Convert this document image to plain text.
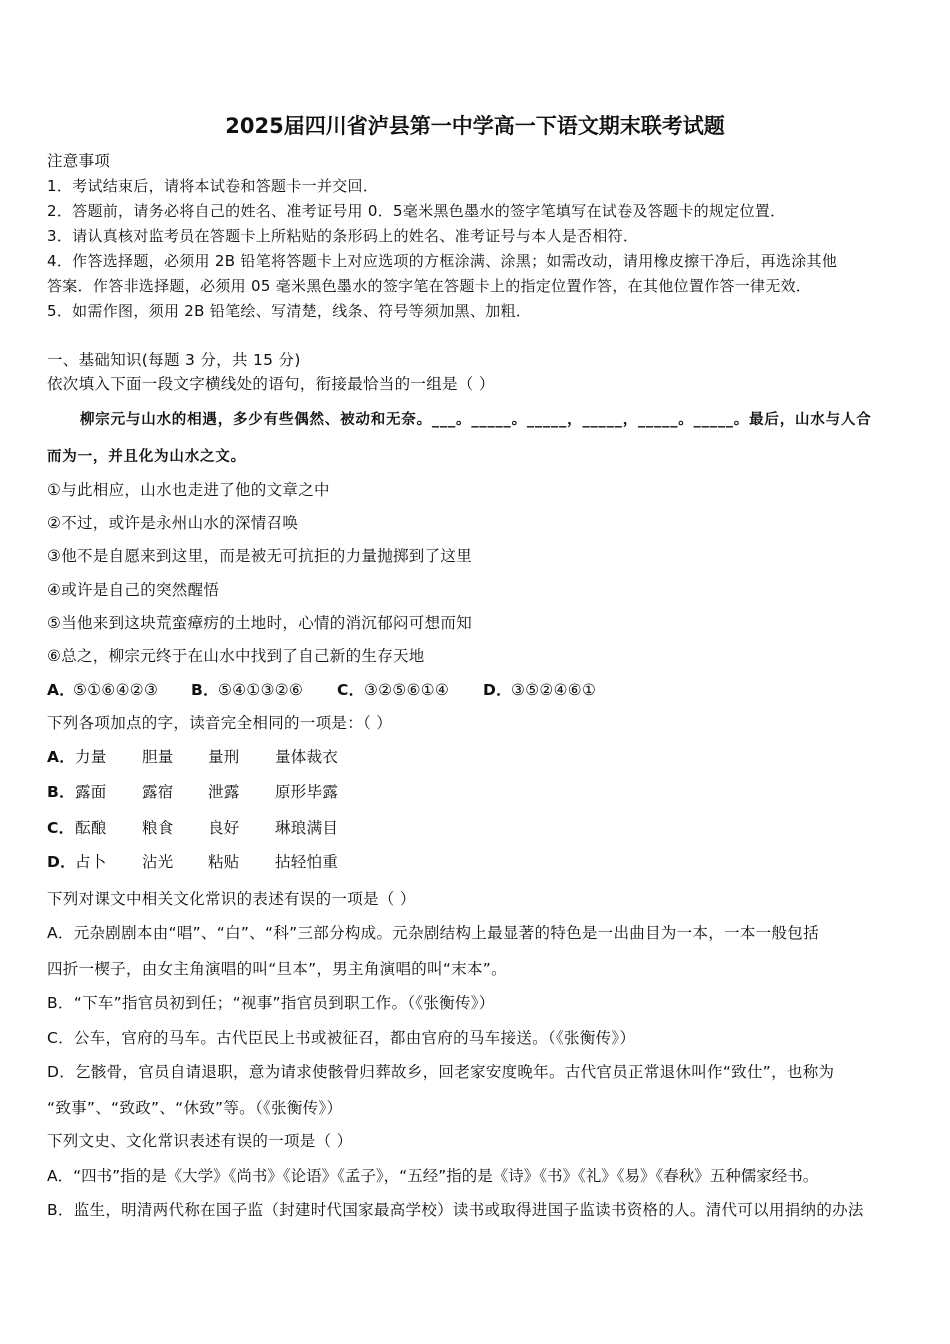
2025届四川省泸县第一中学高一下语文期末联考试题
注意事项
1．考试结束后，请将本试卷和答题卡一并交回．
2．答题前，请务必将自己的姓名、准考证号用 0．5毫米黑色墨水的签字笔填写在试卷及答题卡的规定位置．
3．请认真核对监考员在答题卡上所粘贴的条形码上的姓名、准考证号与本人是否相符．
4．作答选择题，必须用 2B 铅笔将答题卡上对应选项的方框涂满、涂黑；如需改动，请用橡皮擦干净后，再选涂其他
答案．作答非选择题，必须用 05 毫米黑色墨水的签字笔在答题卡上的指定位置作答，在其他位置作答一律无效．
5．如需作图，须用 2B 铅笔绘、写清楚，线条、符号等须加黑、加粗．
一、基础知识(每题 3 分，共 15 分)
依次填入下面一段文字横线处的语句，衔接最恰当的一组是（ ）
柳宗元与山水的相遇，多少有些偶然、被动和无奈。___。_____。_____，_____，_____。_____。最后，山水与人合
而为一，并且化为山水之文。
①与此相应，山水也走进了他的文章之中
②不过，或许是永州山水的深情召唤
③他不是自愿来到这里，而是被无可抗拒的力量抛掷到了这里
④或许是自己的突然醒悟
⑤当他来到这块荒蛮瘴疠的土地时，心情的消沉郁闷可想而知
⑥总之，柳宗元终于在山水中找到了自己新的生存天地
A．
⑤①⑥④②③ B． ⑤④①③②⑥ C． ③②⑤⑥①④ D． ③⑤②④⑥①
下列各项加点的字，读音完全相同的一项是：（ ）
A． 力量 胆量 量刑 量体裁衣
B． 露面 露宿 泄露 原形毕露
C． 酝酿 粮食 良好 琳琅满目
D． 占卜 沾光 粘贴 拈轻怕重
下列对课文中相关文化常识的表述有误的一项是（ ）
A．元杂剧剧本由“唱”、“白”、“科”三部分构成。元杂剧结构上最显著的特色是一出曲目为一本，一本一般包括
四折一楔子，由女主角演唱的叫“旦本”，男主角演唱的叫“末本”。
B．“下车”指官员初到任；“视事”指官员到职工作。（《张衡传》）
C．公车，官府的马车。古代臣民上书或被征召，都由官府的马车接送。（《张衡传》）
D．乞骸骨，官员自请退职，意为请求使骸骨归葬故乡，回老家安度晚年。古代官员正常退休叫作“致仕”，也称为
“致事”、“致政”、“休致”等。（《张衡传》）
下列文史、文化常识表述有误的一项是（ ）
A．“四书”指的是《大学》《尚书》《论语》《孟子》，“五经”指的是《诗》《书》《礼》《易》《春秋》五种儒家经书。
B．监生，明清两代称在国子监（封建时代国家最高学校）读书或取得进国子监读书资格的人。清代可以用捐纳的办法
